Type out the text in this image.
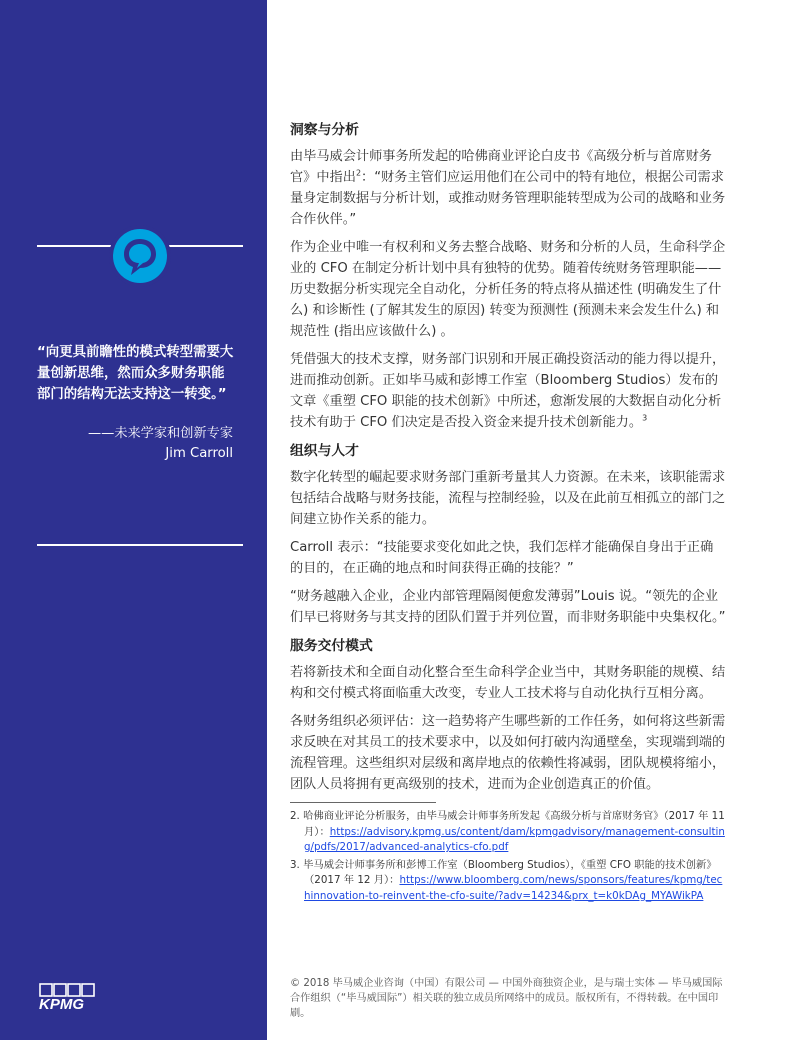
“向更具前瞻性的模式转型需要大量创新思维，然而众多财务职能部门的结构无法支持这一转变。”
——未来学家和创新专家
Jim Carroll
KPMG
洞察与分析

由毕马威会计师事务所发起的哈佛商业评论白皮书《高级分析与首席财务官》中指出$^2$：“财务主管们应运用他们在公司中的特有地位，根据公司需求量身定制数据与分析计划，或推动财务管理职能转型成为公司的战略和业务合作伙伴。”

作为企业中唯一有权利和义务去整合战略、财务和分析的人员，生命科学企业的 CFO 在制定分析计划中具有独特的优势。随着传统财务管理职能——历史数据分析实现完全自动化，分析任务的特点将从描述性 (明确发生了什么) 和诊断性 (了解其发生的原因) 转变为预测性 (预测未来会发生什么) 和规范性 (指出应该做什么) 。

凭借强大的技术支撑，财务部门识别和开展正确投资活动的能力得以提升，进而推动创新。正如毕马威和彭博工作室（Bloomberg Studios）发布的文章《重塑 CFO 职能的技术创新》中所述，愈渐发展的大数据自动化分析技术有助于 CFO 们决定是否投入资金来提升技术创新能力。$^3$

组织与人才

数字化转型的崛起要求财务部门重新考量其人力资源。在未来，该职能需求包括结合战略与财务技能，流程与控制经验，以及在此前互相孤立的部门之间建立协作关系的能力。

Carroll 表示：“技能要求变化如此之快，我们怎样才能确保自身出于正确的目的，在正确的地点和时间获得正确的技能？”

“财务越融入企业，企业内部管理隔阂便愈发薄弱”Louis 说。“领先的企业们早已将财务与其支持的团队们置于并列位置，而非财务职能中央集权化。”

服务交付模式

若将新技术和全面自动化整合至生命科学企业当中，其财务职能的规模、结构和交付模式将面临重大改变，专业人工技术将与自动化执行互相分离。

各财务组织必须评估：这一趋势将产生哪些新的工作任务，如何将这些新需求反映在对其员工的技术要求中，以及如何打破内沟通壁垒，实现端到端的流程管理。这些组织对层级和离岸地点的依赖性将减弱，团队规模将缩小，团队人员将拥有更高级别的技术，进而为企业创造真正的价值。

2. 哈佛商业评论分析服务，由毕马威会计师事务所发起《高级分析与首席财务官》（2017 年 11 月）：https://advisory.kpmg.us/content/dam/kpmgadvisory/management-consulting/pdfs/2017/advanced-analytics-cfo.pdf
3. 毕马威会计师事务所和彭博工作室（Bloomberg Studios），《重塑 CFO 职能的技术创新》（2017 年 12 月）：https://www.bloomberg.com/news/sponsors/features/kpmg/techinnovation-to-reinvent-the-cfo-suite/?adv=14234&prx_t=k0kDAg_MYAWikPA
© 2018 毕马威企业咨询（中国）有限公司 — 中国外商独资企业，是与瑞士实体 — 毕马威国际合作组织（“毕马威国际”）相关联的独立成员所网络中的成员。版权所有，不得转载。在中国印刷。
